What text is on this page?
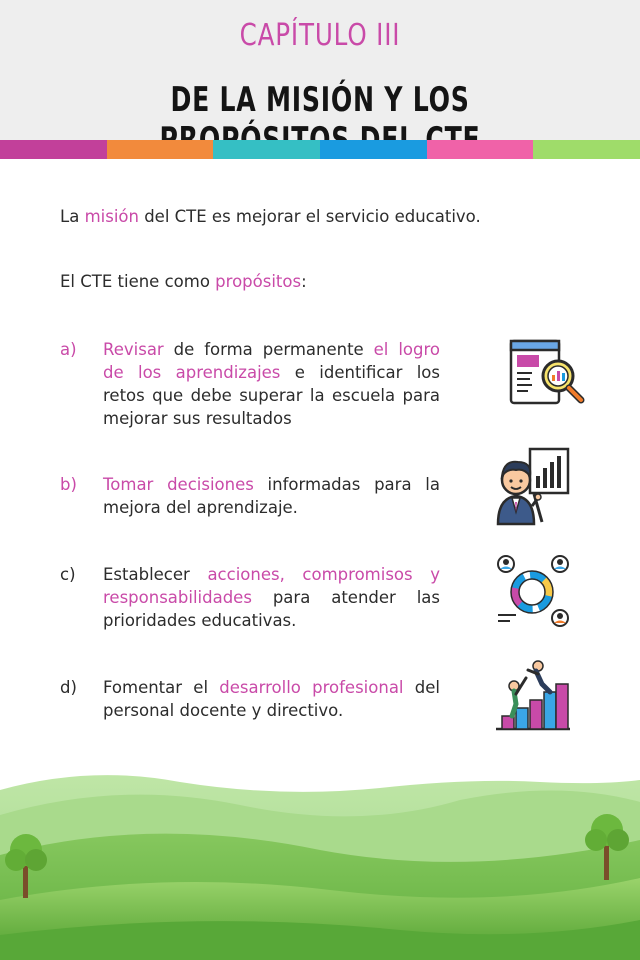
CAPÍTULO III
DE LA MISIÓN Y LOS
La misión del CTE es mejorar el servicio educativo.
El CTE tiene como propósitos:
a)	Revisar de forma permanente el logro de los aprendizajes e identificar los retos que debe superar la escuela para mejorar sus resultados
b)	Tomar decisiones informadas para la mejora del aprendizaje.
c)	Establecer acciones, compromisos y responsabilidades para atender las prioridades educativas.
d)	Fomentar el desarrollo profesional del personal docente y directivo.
